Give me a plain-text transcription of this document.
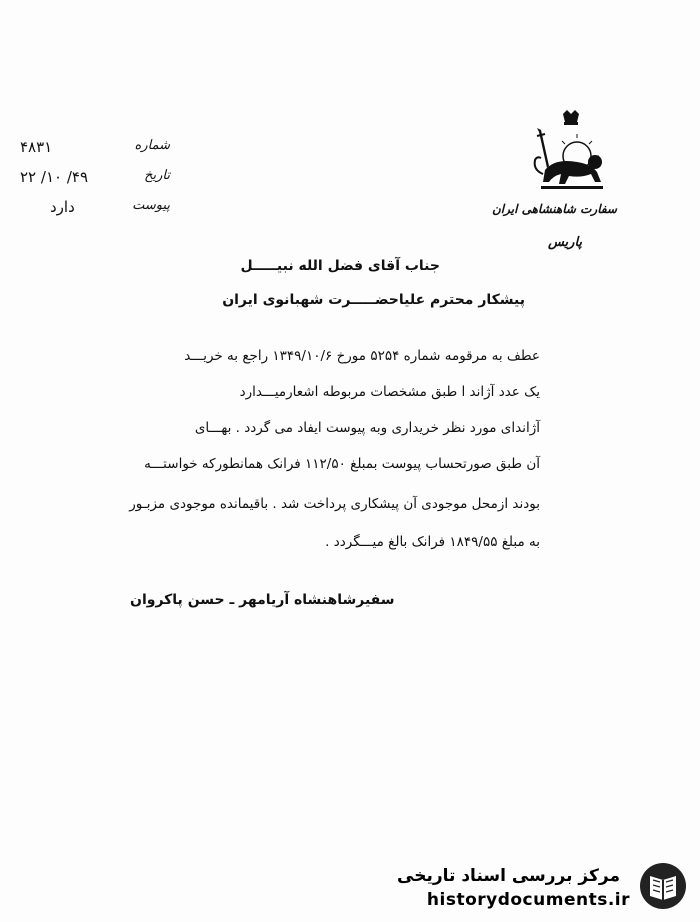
۴۸۳۱	شماره
۴۹/ ۱۰/ ۲۲	تاریخ
دارد	پیوست	سفارت شاهنشاهی ایران
پاریس
جناب آقای فضل الله نبیـــــل
پیشکار محترم علیاحضـــــرت شهبانوی ایران
عطف به مرقومه شماره ۵۲۵۴ مورخ ۱۳۴۹/۱۰/۶ راجع به خریـــد
یک عدد آژاند ا طبق مشخصات مربوطه اشعارمیـــدارد
آژاندای مورد نظر خریداری وبه پیوست ایفاد می گردد . بهـــای
آن طبق صورتحساب پیوست بمبلغ ۱۱۲/۵۰ فرانک همانطورکه خواستـــه
بودند ازمحل موجودی آن پیشکاری پرداخت شد . باقیمانده موجودی مزبـور
به مبلغ ۱۸۴۹/۵۵ فرانک بالغ میـــگردد .
سفیرشاهنشاه آریامهر ـ حسن پاکروان
مرکز بررسی اسناد تاریخی
historydocuments.ir
